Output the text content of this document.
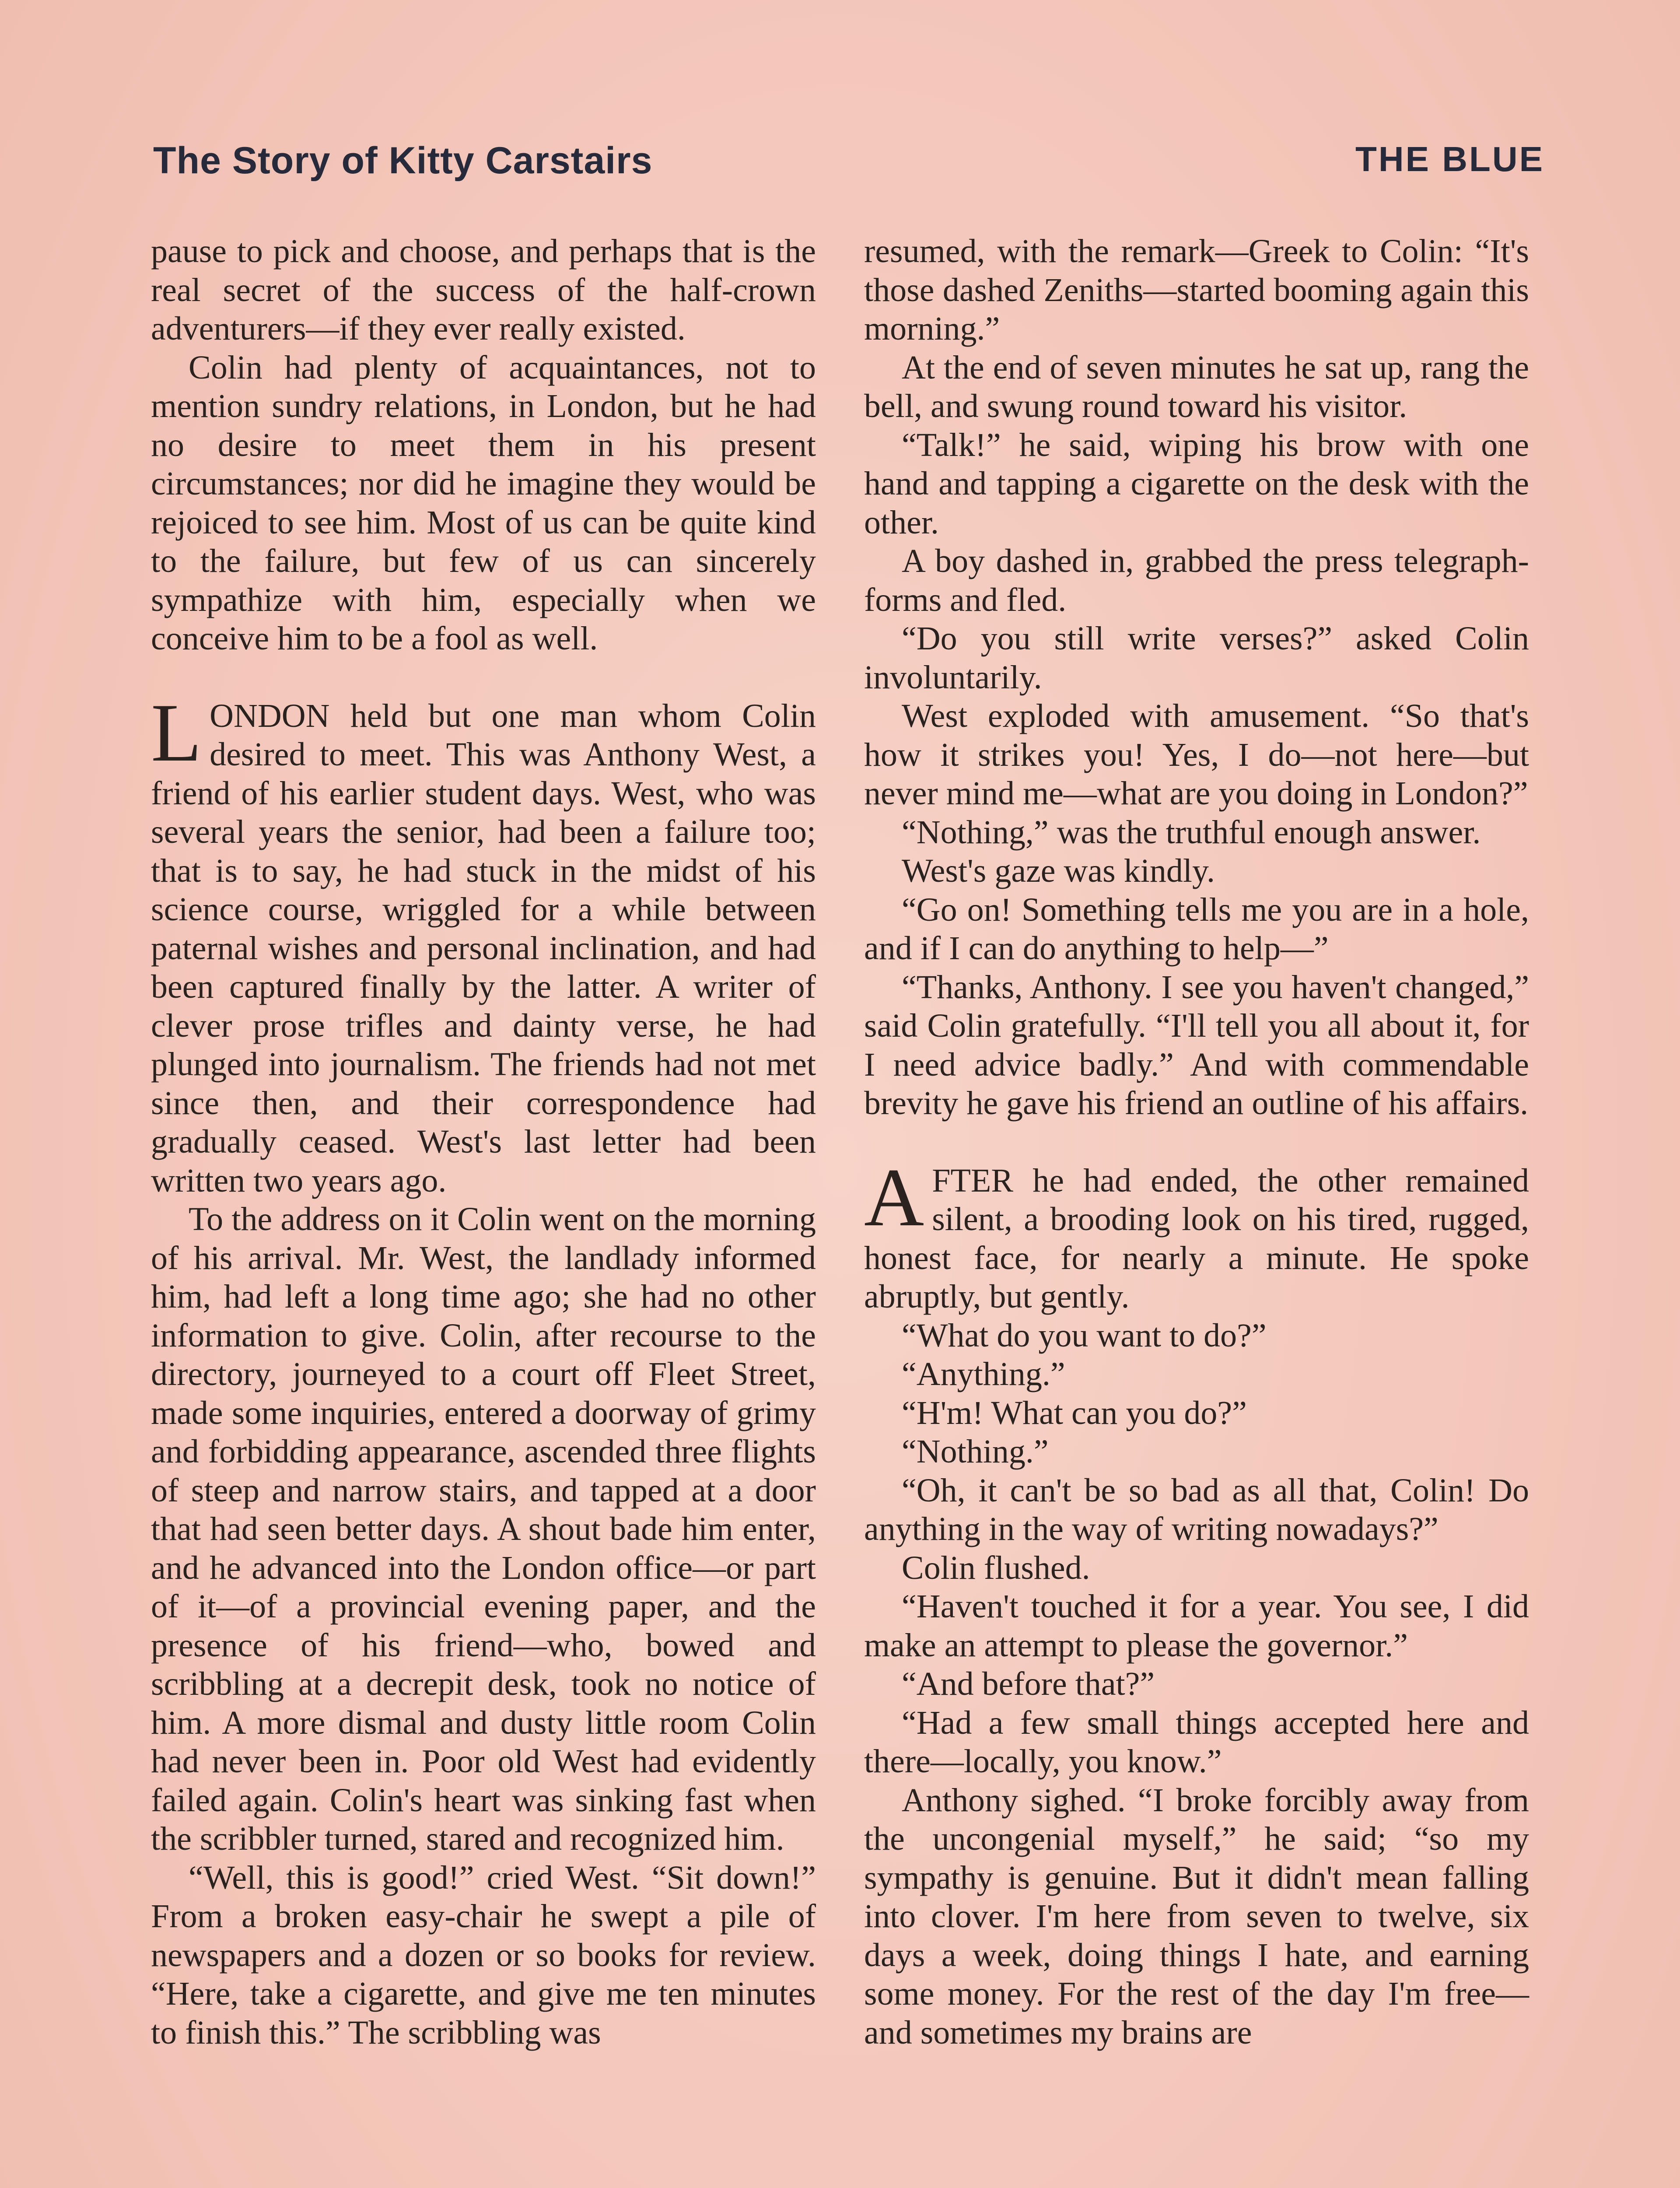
The Story of Kitty Carstairs	THE BLUE

pause to pick and choose, and perhaps that is the real secret of the success of the half-crown adventurers—if they ever really existed.

Colin had plenty of acquaintances, not to mention sundry relations, in London, but he had no desire to meet them in his present circumstances; nor did he imagine they would be rejoiced to see him. Most of us can be quite kind to the failure, but few of us can sincerely sympathize with him, especially when we conceive him to be a fool as well.

LONDON held but one man whom Colin desired to meet. This was Anthony West, a friend of his earlier student days. West, who was several years the senior, had been a failure too; that is to say, he had stuck in the midst of his science course, wriggled for a while between paternal wishes and personal inclination, and had been captured finally by the latter. A writer of clever prose trifles and dainty verse, he had plunged into journalism. The friends had not met since then, and their correspondence had gradually ceased. West's last letter had been written two years ago.

To the address on it Colin went on the morning of his arrival. Mr. West, the landlady informed him, had left a long time ago; she had no other information to give. Colin, after recourse to the directory, journeyed to a court off Fleet Street, made some inquiries, entered a doorway of grimy and forbidding appearance, ascended three flights of steep and narrow stairs, and tapped at a door that had seen better days. A shout bade him enter, and he advanced into the London office—or part of it—of a provincial evening paper, and the presence of his friend—who, bowed and scribbling at a decrepit desk, took no notice of him. A more dismal and dusty little room Colin had never been in. Poor old West had evidently failed again. Colin's heart was sinking fast when the scribbler turned, stared and recognized him.

“Well, this is good!” cried West. “Sit down!” From a broken easy-chair he swept a pile of newspapers and a dozen or so books for review. “Here, take a cigarette, and give me ten minutes to finish this.” The scribbling was

resumed, with the remark—Greek to Colin: “It's those dashed Zeniths—started booming again this morning.”

At the end of seven minutes he sat up, rang the bell, and swung round toward his visitor.

“Talk!” he said, wiping his brow with one hand and tapping a cigarette on the desk with the other.

A boy dashed in, grabbed the press telegraph-forms and fled.

“Do you still write verses?” asked Colin involuntarily.

West exploded with amusement. “So that's how it strikes you! Yes, I do—not here—but never mind me—what are you doing in London?”

“Nothing,” was the truthful enough answer.

West's gaze was kindly.

“Go on! Something tells me you are in a hole, and if I can do anything to help—”

“Thanks, Anthony. I see you haven't changed,” said Colin gratefully. “I'll tell you all about it, for I need advice badly.” And with commendable brevity he gave his friend an outline of his affairs.

AFTER he had ended, the other remained silent, a brooding look on his tired, rugged, honest face, for nearly a minute. He spoke abruptly, but gently.

“What do you want to do?”

“Anything.”

“H'm! What can you do?”

“Nothing.”

“Oh, it can't be so bad as all that, Colin! Do anything in the way of writing nowadays?”

Colin flushed.

“Haven't touched it for a year. You see, I did make an attempt to please the governor.”

“And before that?”

“Had a few small things accepted here and there—locally, you know.”

Anthony sighed. “I broke forcibly away from the uncongenial myself,” he said; “so my sympathy is genuine. But it didn't mean falling into clover. I'm here from seven to twelve, six days a week, doing things I hate, and earning some money. For the rest of the day I'm free—and sometimes my brains are
